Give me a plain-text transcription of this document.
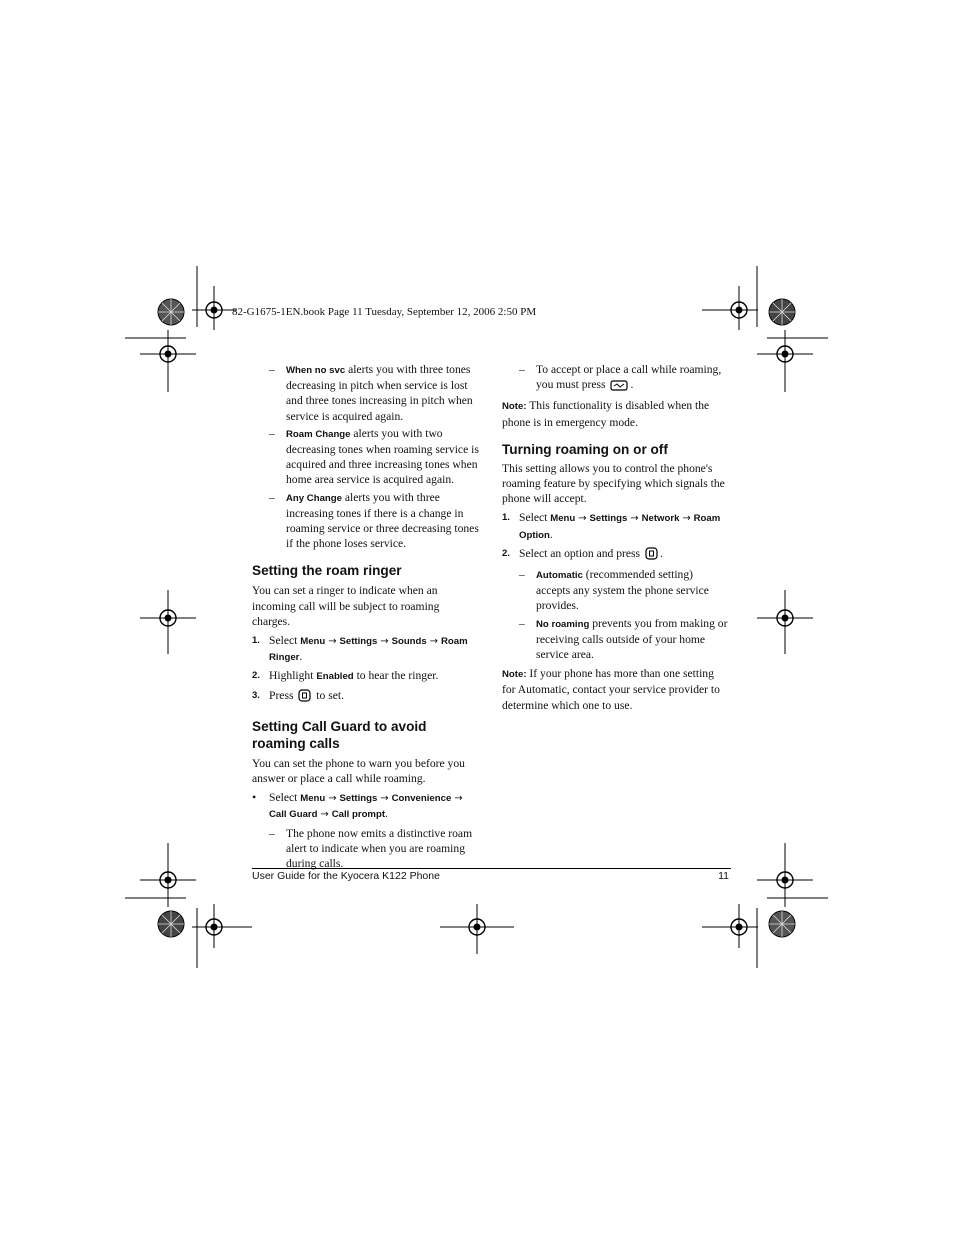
82-G1675-1EN.book Page 11 Tuesday, September 12, 2006 2:50 PM
– When no svc alerts you with three tones decreasing in pitch when service is lost and three tones increasing in pitch when service is acquired again.
– Roam Change alerts you with two decreasing tones when roaming service is acquired and three increasing tones when home area service is acquired again.
– Any Change alerts you with three increasing tones if there is a change in roaming service or three decreasing tones if the phone loses service.
Setting the roam ringer

You can set a ringer to indicate when an incoming call will be subject to roaming charges.

1. Select Menu → Settings → Sounds → Roam Ringer.
2. Highlight Enabled to hear the ringer.
3. Press  to set.
Setting Call Guard to avoid
roaming calls

You can set the phone to warn you before you answer or place a call while roaming.

• Select Menu → Settings → Convenience → Call Guard → Call prompt.
– The phone now emits a distinctive roam alert to indicate when you are roaming during calls.
– To accept or place a call while roaming, you must press .

Note: This functionality is disabled when the phone is in emergency mode.

Turning roaming on or off

This setting allows you to control the phone's roaming feature by specifying which signals the phone will accept.

1. Select Menu → Settings → Network → Roam Option.
2. Select an option and press .
– Automatic (recommended setting) accepts any system the phone service provides.
– No roaming prevents you from making or receiving calls outside of your home service area.

Note: If your phone has more than one setting for Automatic, contact your service provider to determine which one to use.

User Guide for the Kyocera K122 Phone	11
